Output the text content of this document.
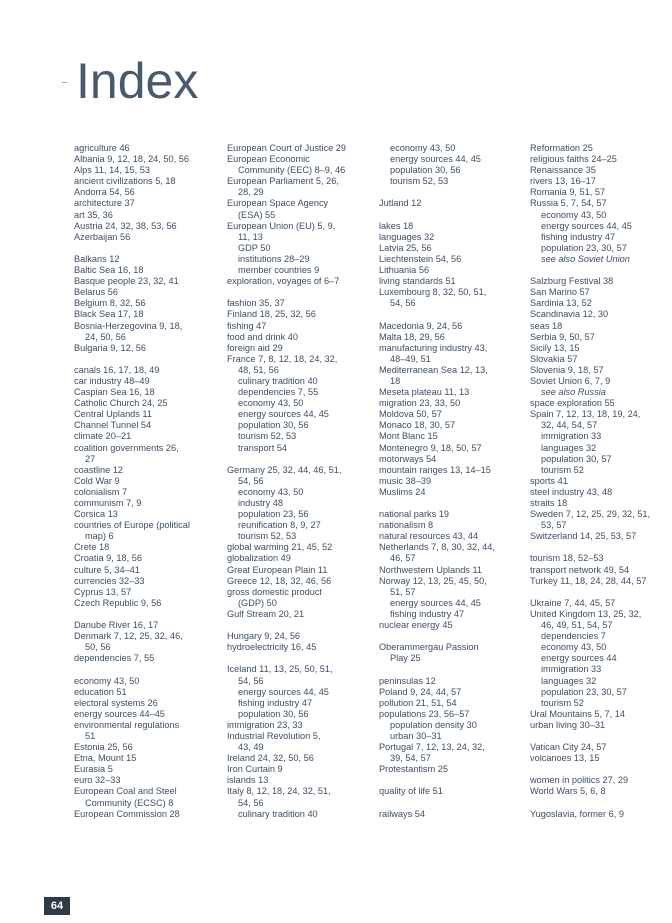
Index
agriculture 46
Albania 9, 12, 18, 24, 50, 56
Alps 11, 14, 15, 53
ancient civilizations 5, 18
Andorra 54, 56
architecture 37
art 35, 36
Austria 24, 32, 38, 53, 56
Azerbaijan 56
Balkans 12
Baltic Sea 16, 18
Basque people 23, 32, 41
Belarus 56
Belgium 8, 32, 56
Black Sea 17, 18
Bosnia-Herzegovina 9, 18,
24, 50, 56
Bulgaria 9, 12, 56
canals 16, 17, 18, 49
car industry 48–49
Caspian Sea 16, 18
Catholic Church 24, 25
Central Uplands 11
Channel Tunnel 54
climate 20–21
coalition governments 26,
27
coastline 12
Cold War 9
colonialism 7
communism 7, 9
Corsica 13
countries of Europe (political
map) 6
Crete 18
Croatia 9, 18, 56
culture 5, 34–41
currencies 32–33
Cyprus 13, 57
Czech Republic 9, 56
Danube River 16, 17
Denmark 7, 12, 25, 32, 46,
50, 56
dependencies 7, 55
economy 43, 50
education 51
electoral systems 26
energy sources 44–45
environmental regulations
51
Estonia 25, 56
Etna, Mount 15
Eurasia 5
euro 32–33
European Coal and Steel
Community (ECSC) 8
European Commission 28
European Court of Justice 29
European Economic
Community (EEC) 8–9, 46
European Parliament 5, 26,
28, 29
European Space Agency
(ESA) 55
European Union (EU) 5, 9,
11, 13
GDP 50
institutions 28–29
member countries 9
exploration, voyages of 6–7
fashion 35, 37
Finland 18, 25, 32, 56
fishing 47
food and drink 40
foreign aid 29
France 7, 8, 12, 18, 24, 32,
48, 51, 56
culinary tradition 40
dependencies 7, 55
economy 43, 50
energy sources 44, 45
population 30, 56
tourism 52, 53
transport 54
Germany 25, 32, 44, 46, 51,
54, 56
economy 43, 50
industry 48
population 23, 56
reunification 8, 9, 27
tourism 52, 53
global warming 21, 45, 52
globalization 49
Great European Plain 11
Greece 12, 18, 32, 46, 56
gross domestic product
(GDP) 50
Gulf Stream 20, 21
Hungary 9, 24, 56
hydroelectricity 16, 45
Iceland 11, 13, 25, 50, 51,
54, 56
energy sources 44, 45
fishing industry 47
population 30, 56
immigration 23, 33
Industrial Revolution 5,
43, 49
Ireland 24, 32, 50, 56
Iron Curtain 9
islands 13
Italy 8, 12, 18, 24, 32, 51,
54, 56
culinary tradition 40
economy 43, 50
energy sources 44, 45
population 30, 56
tourism 52, 53
Jutland 12
lakes 18
languages 32
Latvia 25, 56
Liechtenstein 54, 56
Lithuania 56
living standards 51
Luxembourg 8, 32, 50, 51,
54, 56
Macedonia 9, 24, 56
Malta 18, 29, 56
manufacturing industry 43,
48–49, 51
Mediterranean Sea 12, 13,
18
Meseta plateau 11, 13
migration 23, 33, 50
Moldova 50, 57
Monaco 18, 30, 57
Mont Blanc 15
Montenegro 9, 18, 50, 57
motorways 54
mountain ranges 13, 14–15
music 38–39
Muslims 24
national parks 19
nationalism 8
natural resources 43, 44
Netherlands 7, 8, 30, 32, 44,
46, 57
Northwestern Uplands 11
Norway 12, 13, 25, 45, 50,
51, 57
energy sources 44, 45
fishing industry 47
nuclear energy 45
Oberammergau Passion
Play 25
peninsulas 12
Poland 9, 24, 44, 57
pollution 21, 51, 54
populations 23, 56–57
population density 30
urban 30–31
Portugal 7, 12, 13, 24, 32,
39, 54, 57
Protestantism 25
quality of life 51
railways 54
Reformation 25
religious faiths 24–25
Renaissance 35
rivers 13, 16–17
Romania 9, 51, 57
Russia 5, 7, 54, 57
economy 43, 50
energy sources 44, 45
fishing industry 47
population 23, 30, 57
see also Soviet Union
Salzburg Festival 38
San Marino 57
Sardinia 13, 52
Scandinavia 12, 30
seas 18
Serbia 9, 50, 57
Sicily 13, 15
Slovakia 57
Slovenia 9, 18, 57
Soviet Union 6, 7, 9
see also Russia
space exploration 55
Spain 7, 12, 13, 18, 19, 24,
32, 44, 54, 57
immigration 33
languages 32
population 30, 57
tourism 52
sports 41
steel industry 43, 48
straits 18
Sweden 7, 12, 25, 29, 32, 51,
53, 57
Switzerland 14, 25, 53, 57
tourism 18, 52–53
transport network 49, 54
Turkey 11, 18, 24, 28, 44, 57
Ukraine 7, 44, 45, 57
United Kingdom 13, 25, 32,
46, 49, 51, 54, 57
dependencies 7
economy 43, 50
energy sources 44
immigration 33
languages 32
population 23, 30, 57
tourism 52
Ural Mountains 5, 7, 14
urban living 30–31
Vatican City 24, 57
volcanoes 13, 15
women in politics 27, 29
World Wars 5, 6, 8
Yugoslavia, former 6, 9
64
